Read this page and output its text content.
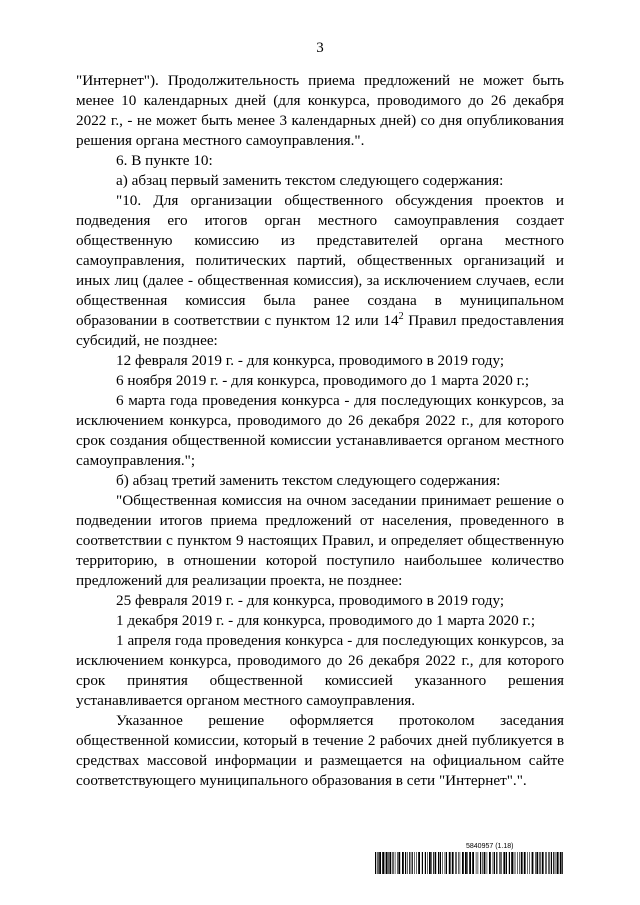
3

"Интернет"). Продолжительность приема предложений не может быть менее 10 календарных дней (для конкурса, проводимого до 26 декабря 2022 г., - не может быть менее 3 календарных дней) со дня опубликования решения органа местного самоуправления.".

6. В пункте 10:

а) абзац первый заменить текстом следующего содержания:

"10. Для организации общественного обсуждения проектов и подведения его итогов орган местного самоуправления создает общественную комиссию из представителей органа местного самоуправления, политических партий, общественных организаций и иных лиц (далее - общественная комиссия), за исключением случаев, если общественная комиссия была ранее создана в муниципальном образовании в соответствии с пунктом 12 или $14^2$ Правил предоставления субсидий, не позднее:

12 февраля 2019 г. - для конкурса, проводимого в 2019 году;

6 ноября 2019 г. - для конкурса, проводимого до 1 марта 2020 г.;

6 марта года проведения конкурса - для последующих конкурсов, за исключением конкурса, проводимого до 26 декабря 2022 г., для которого срок создания общественной комиссии устанавливается органом местного самоуправления.";

б) абзац третий заменить текстом следующего содержания:

"Общественная комиссия на очном заседании принимает решение о подведении итогов приема предложений от населения, проведенного в соответствии с пунктом 9 настоящих Правил, и определяет общественную территорию, в отношении которой поступило наибольшее количество предложений для реализации проекта, не позднее:

25 февраля 2019 г. - для конкурса, проводимого в 2019 году;

1 декабря 2019 г. - для конкурса, проводимого до 1 марта 2020 г.;

1 апреля года проведения конкурса - для последующих конкурсов, за исключением конкурса, проводимого до 26 декабря 2022 г., для которого срок принятия общественной комиссией указанного решения устанавливается органом местного самоуправления.

Указанное решение оформляется протоколом заседания общественной комиссии, который в течение 2 рабочих дней публикуется в средствах массовой информации и размещается на официальном сайте соответствующего муниципального образования в сети "Интернет".".

5840957 (1.18)
